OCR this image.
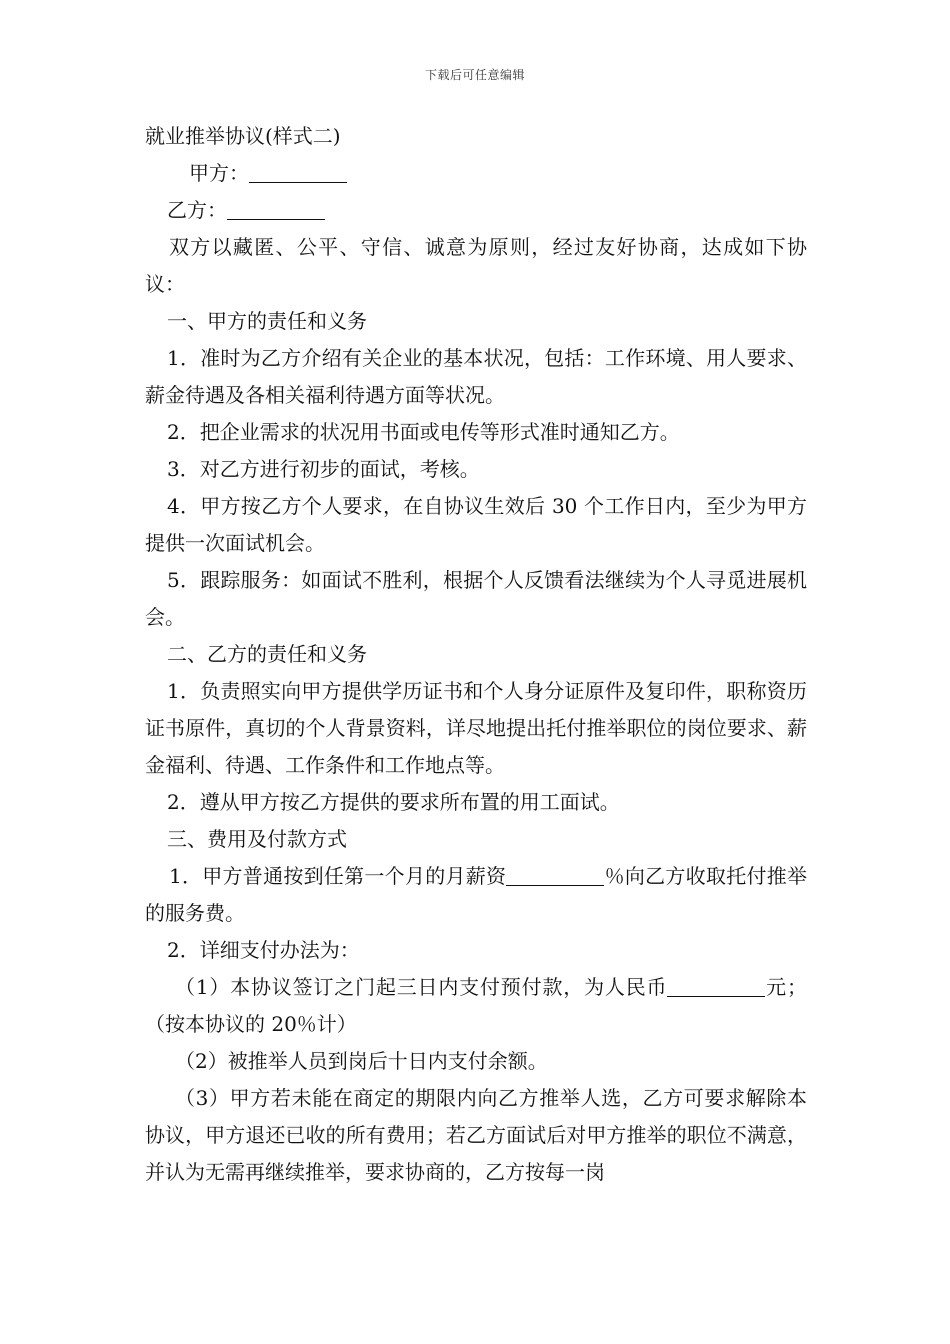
下载后可任意编辑

就业推举协议(样式二)

甲方：

乙方：

双方以藏匿、公平、守信、诚意为原则，经过友好协商，达成如下协议：

一、甲方的责任和义务

1．准时为乙方介绍有关企业的基本状况，包括：工作环境、用人要求、薪金待遇及各相关福利待遇方面等状况。

2．把企业需求的状况用书面或电传等形式准时通知乙方。

3．对乙方进行初步的面试，考核。

4．甲方按乙方个人要求，在自协议生效后 30 个工作日内，至少为甲方提供一次面试机会。

5．跟踪服务：如面试不胜利，根据个人反馈看法继续为个人寻觅进展机会。

二、乙方的责任和义务

1．负责照实向甲方提供学历证书和个人身分证原件及复印件，职称资历证书原件，真切的个人背景资料，详尽地提出托付推举职位的岗位要求、薪金福利、待遇、工作条件和工作地点等。

2．遵从甲方按乙方提供的要求所布置的用工面试。

三、费用及付款方式

1．甲方普通按到任第一个月的月薪资	％向乙方收取托付推举的服务费。

2．详细支付办法为：

（1）本协议签订之门起三日内支付预付款，为人民币	元；（按本协议的 20％计）

（2）被推举人员到岗后十日内支付余额。

（3）甲方若未能在商定的期限内向乙方推举人选，乙方可要求解除本协议，甲方退还已收的所有费用；若乙方面试后对甲方推举的职位不满意，并认为无需再继续推举，要求协商的，乙方按每一岗
